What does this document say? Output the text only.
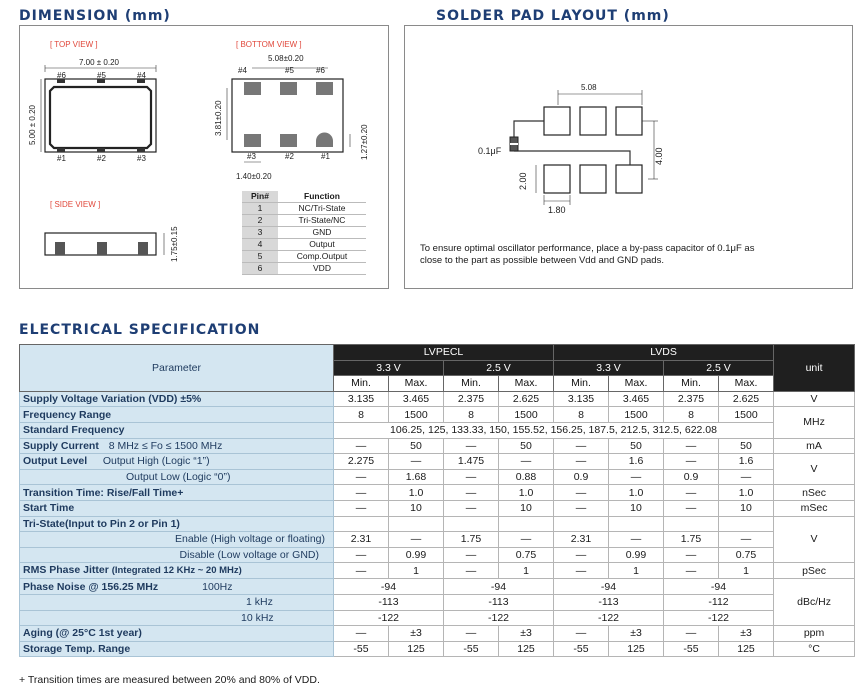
DIMENSION (mm)
[ TOP VIEW ]	[ BOTTOM VIEW ]
[ SIDE VIEW ]
7.00 ± 0.20
5.00 ± 0.20
#6	#5	#4
#1	#2	#3
5.08±0.20
#4	#5	#6
#3	#2	#1
3.81±0.20
1.27±0.20
1.40±0.20
1.75±0.15
Pin#	Function
1	NC/Tri-State
2	Tri-State/NC
3	GND
4	Output
5	Comp.Output
6	VDD
SOLDER PAD LAYOUT (mm)
5.08
4.00
2.00
1.80
0.1μF
To ensure optimal oscillator performance, place a by-pass capacitor of 0.1μF as close to the part as possible between Vdd and GND pads.
ELECTRICAL SPECIFICATION
Parameter	LVPECL				LVDS				unit
	3.3 V		2.5 V		3.3 V		2.5 V		
	Min.	Max.	Min.	Max.	Min.	Max.	Min.	Max.	
Supply Voltage Variation (VDD) ±5%	3.135	3.465	2.375	2.625	3.135	3.465	2.375	2.625	V
Frequency Range	8	1500	8	1500	8	1500	8	1500	MHz
Standard Frequency	106.25, 125, 133.33, 150, 155.52, 156.25, 187.5, 212.5, 312.5, 622.08								
Supply Current 8 MHz ≤ Fo ≤ 1500 MHz	—	50	—	50	—	50	—	50	mA
Output Level Output High (Logic “1”)	2.275	—	1.475	—	—	1.6	—	1.6	V
Output Low (Logic “0”)	—	1.68	—	0.88	0.9	—	0.9	—	
Transition Time: Rise/Fall Time+	—	1.0	—	1.0	—	1.0	—	1.0	nSec
Start Time	—	10	—	10	—	10	—	10	mSec
Tri-State(Input to Pin 2 or Pin 1)									V
Enable (High voltage or floating)	2.31	—	1.75	—	2.31	—	1.75	—	
Disable (Low voltage or GND)	—	0.99	—	0.75	—	0.99	—	0.75	
RMS Phase Jitter (Integrated 12 KHz ~ 20 MHz)	—	1	—	1	—	1	—	1	pSec
Phase Noise @ 156.25 MHz 100Hz	-94		-94		-94		-94		dBc/Hz
1 kHz	-113		-113		-113		-112		
10 kHz	-122		-122		-122		-122		
Aging (@ 25°C 1st year)	—	±3	—	±3	—	±3	—	±3	ppm
Storage Temp. Range	-55	125	-55	125	-55	125	-55	125	°C
+ Transition times are measured between 20% and 80% of VDD.
